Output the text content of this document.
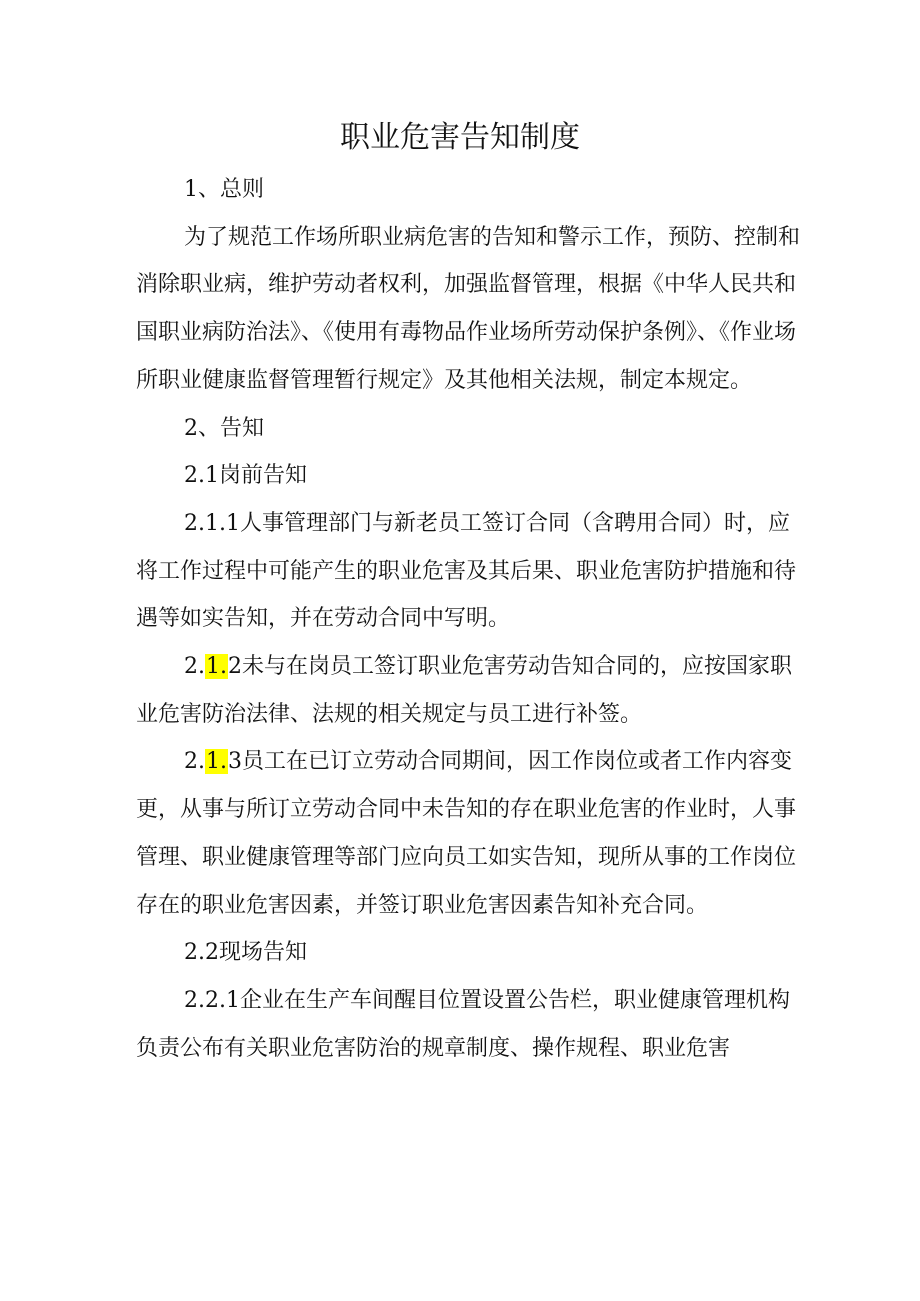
职业危害告知制度

1、总则

为了规范工作场所职业病危害的告知和警示工作，预防、控制和消除职业病，维护劳动者权利，加强监督管理，根据《中华人民共和国职业病防治法》、《使用有毒物品作业场所劳动保护条例》、《作业场所职业健康监督管理暂行规定》及其他相关法规，制定本规定。

2、告知

2.1岗前告知

2.1.1人事管理部门与新老员工签订合同（含聘用合同）时，应将工作过程中可能产生的职业危害及其后果、职业危害防护措施和待遇等如实告知，并在劳动合同中写明。

2.1.2未与在岗员工签订职业危害劳动告知合同的，应按国家职业危害防治法律、法规的相关规定与员工进行补签。

2.1.3员工在已订立劳动合同期间，因工作岗位或者工作内容变更，从事与所订立劳动合同中未告知的存在职业危害的作业时，人事管理、职业健康管理等部门应向员工如实告知，现所从事的工作岗位存在的职业危害因素，并签订职业危害因素告知补充合同。

2.2现场告知

2.2.1企业在生产车间醒目位置设置公告栏，职业健康管理机构负责公布有关职业危害防治的规章制度、操作规程、职业危害
